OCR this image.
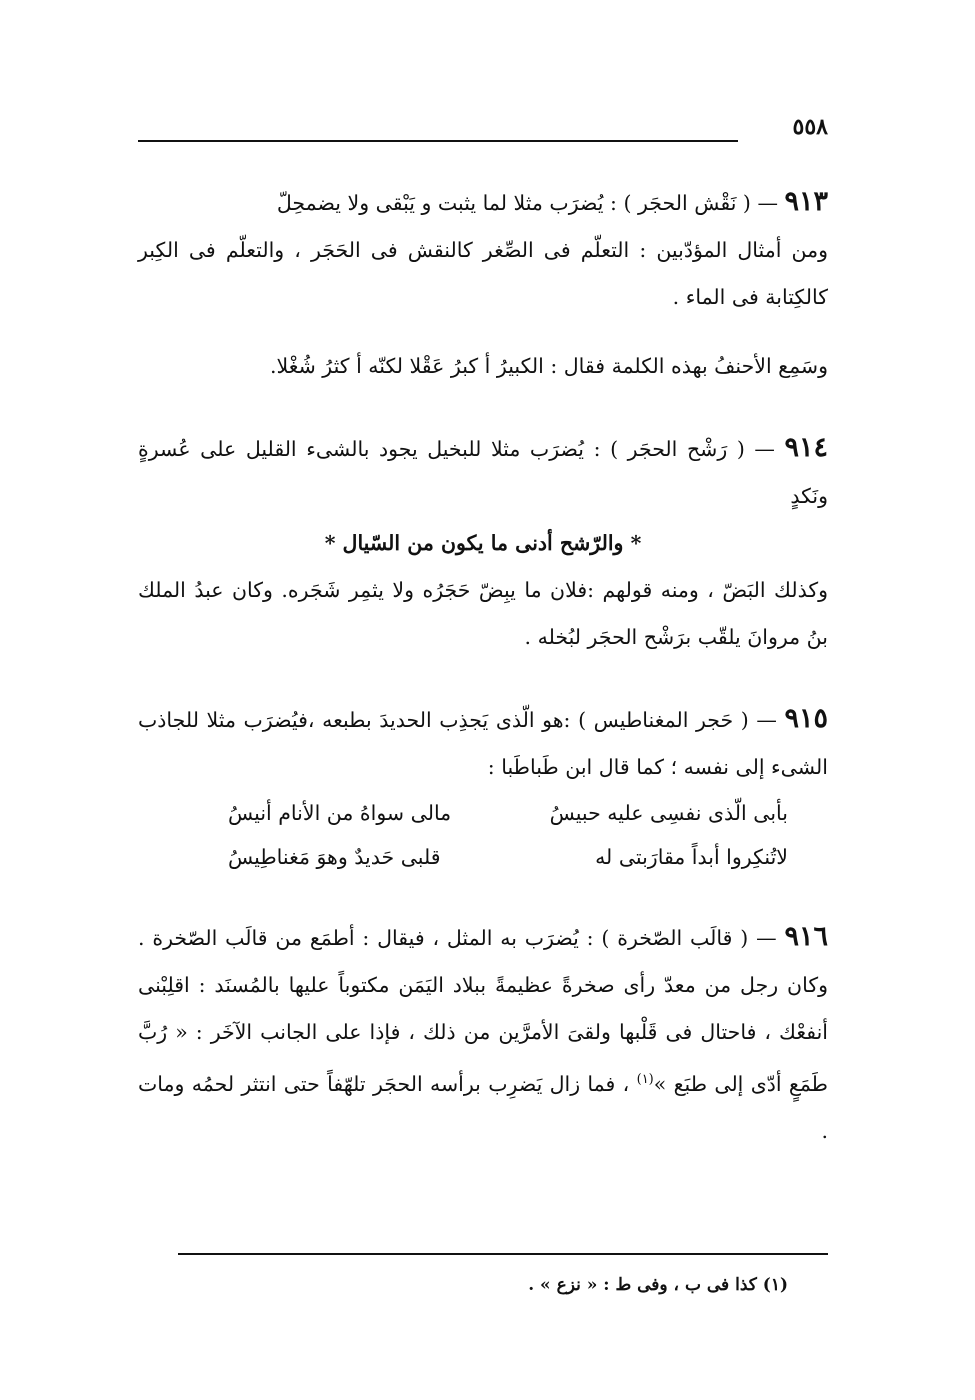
٥٥٨

٩١٣ — ( نَقْش الحجَر ) : يُضرَب مثلا لما يثبت و يَبْقى ولا يضمحِلّ

ومن أمثال المؤدّبين : التعلّم فى الصِّغر كالنقش فى الحَجَر ، والتعلّم فى الكِبر كالكِتابة فى الماء .

وسَمِع الأحنفُ بهذه الكلمة فقال : الكبيرُ أ كبرُ عَقْلا لكنّه أ كثرُ شُغْلا.

٩١٤ — ( رَشْح الحجَر ) : يُضرَب مثلا للبخيل يجود بالشىء القليل على عُسرةٍ ونَكدٍ

* والرّشح أدنى ما يكون من السّيال *

وكذلك البَضّ ، ومنه قولهم :فلان ما يبِضّ حَجَرُه ولا يثمِر شَجَره. وكان عبدُ الملك بنُ مروانَ يلقّب برَشْح الحجَر لبُخله .

٩١٥ — ( حَجر المغناطيس ) :هو الّذى يَجذِب الحديدَ بطبعه ،فيُضرَب مثلا للجاذب الشىء إلى نفسه ؛ كما قال ابن طَباطَبا :

بأبى الّذى نفسِى عليه حبيسُ
مالى سواهُ من الأنام أنيسُ
لاتُنكِروا أبداً مقارَبتى له
قلبى حَديدٌ وهوَ مَغناطِيسُ

٩١٦ — ( قالَب الصّخرة ) : يُضرَب به المثل ، فيقال : أطمَع من قالَب الصّخرة . وكان رجل من معدّ رأى صخرةً عظيمةً ببلاد اليَمَن مكتوباً عليها بالمُسنَد : اقلِبْنى أنفعْك ، فاحتال فى قَلْبها ولقىَ الأمرَّين من ذلك ، فإذا على الجانب الآخَر : « رُبَّ طَمَعٍ أدّى إلى طبَع »$^{(١)}$ ، فما زال يَضرِب برأسه الحجَر تلهّفاً حتى انتثر لحمُه ومات .

(١) كذا فى ب ، وفى ط : « نزع » .
